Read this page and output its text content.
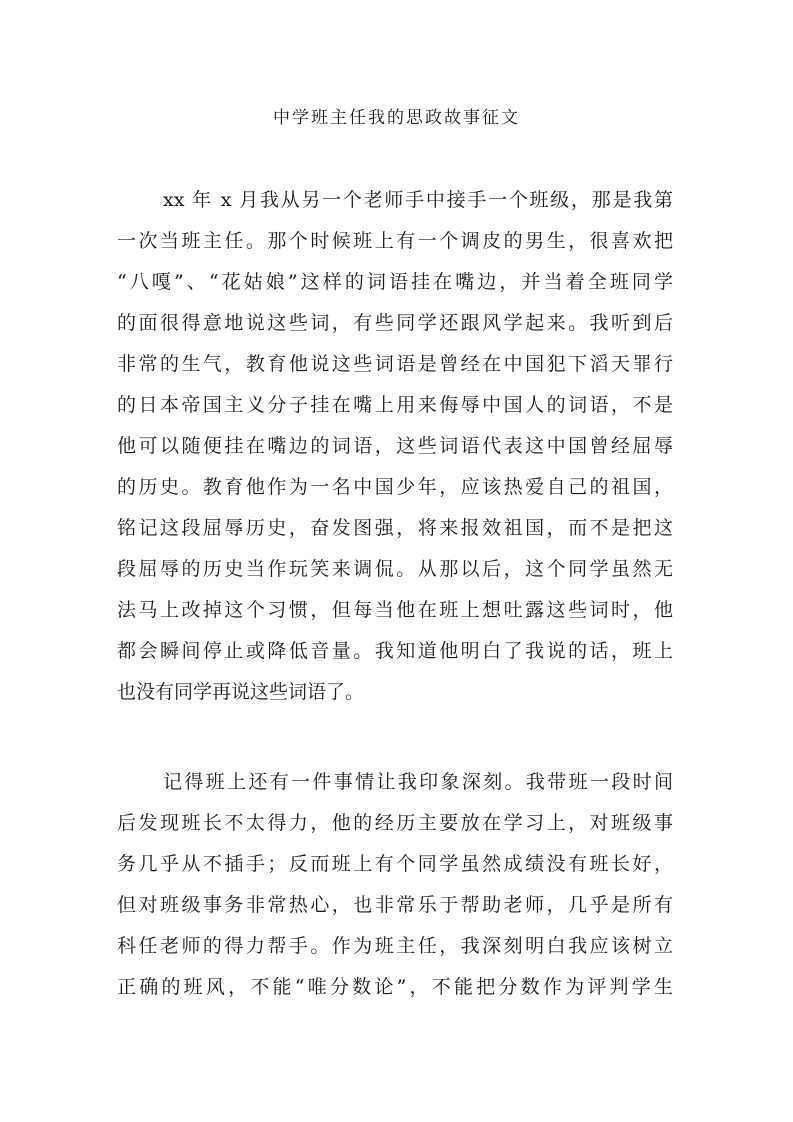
中学班主任我的思政故事征文
xx 年 x 月我从另一个老师手中接手一个班级，那是我第
一次当班主任。那个时候班上有一个调皮的男生，很喜欢把
“八嘎”、“花姑娘”这样的词语挂在嘴边，并当着全班同学
的面很得意地说这些词，有些同学还跟风学起来。我听到后
非常的生气，教育他说这些词语是曾经在中国犯下滔天罪行
的日本帝国主义分子挂在嘴上用来侮辱中国人的词语，不是
他可以随便挂在嘴边的词语，这些词语代表这中国曾经屈辱
的历史。教育他作为一名中国少年，应该热爱自己的祖国，
铭记这段屈辱历史，奋发图强，将来报效祖国，而不是把这
段屈辱的历史当作玩笑来调侃。从那以后，这个同学虽然无
法马上改掉这个习惯，但每当他在班上想吐露这些词时，他
都会瞬间停止或降低音量。我知道他明白了我说的话，班上
也没有同学再说这些词语了。
记得班上还有一件事情让我印象深刻。我带班一段时间
后发现班长不太得力，他的经历主要放在学习上，对班级事
务几乎从不插手；反而班上有个同学虽然成绩没有班长好，
但对班级事务非常热心，也非常乐于帮助老师，几乎是所有
科任老师的得力帮手。作为班主任，我深刻明白我应该树立
正确的班风，不能“唯分数论”，不能把分数作为评判学生
